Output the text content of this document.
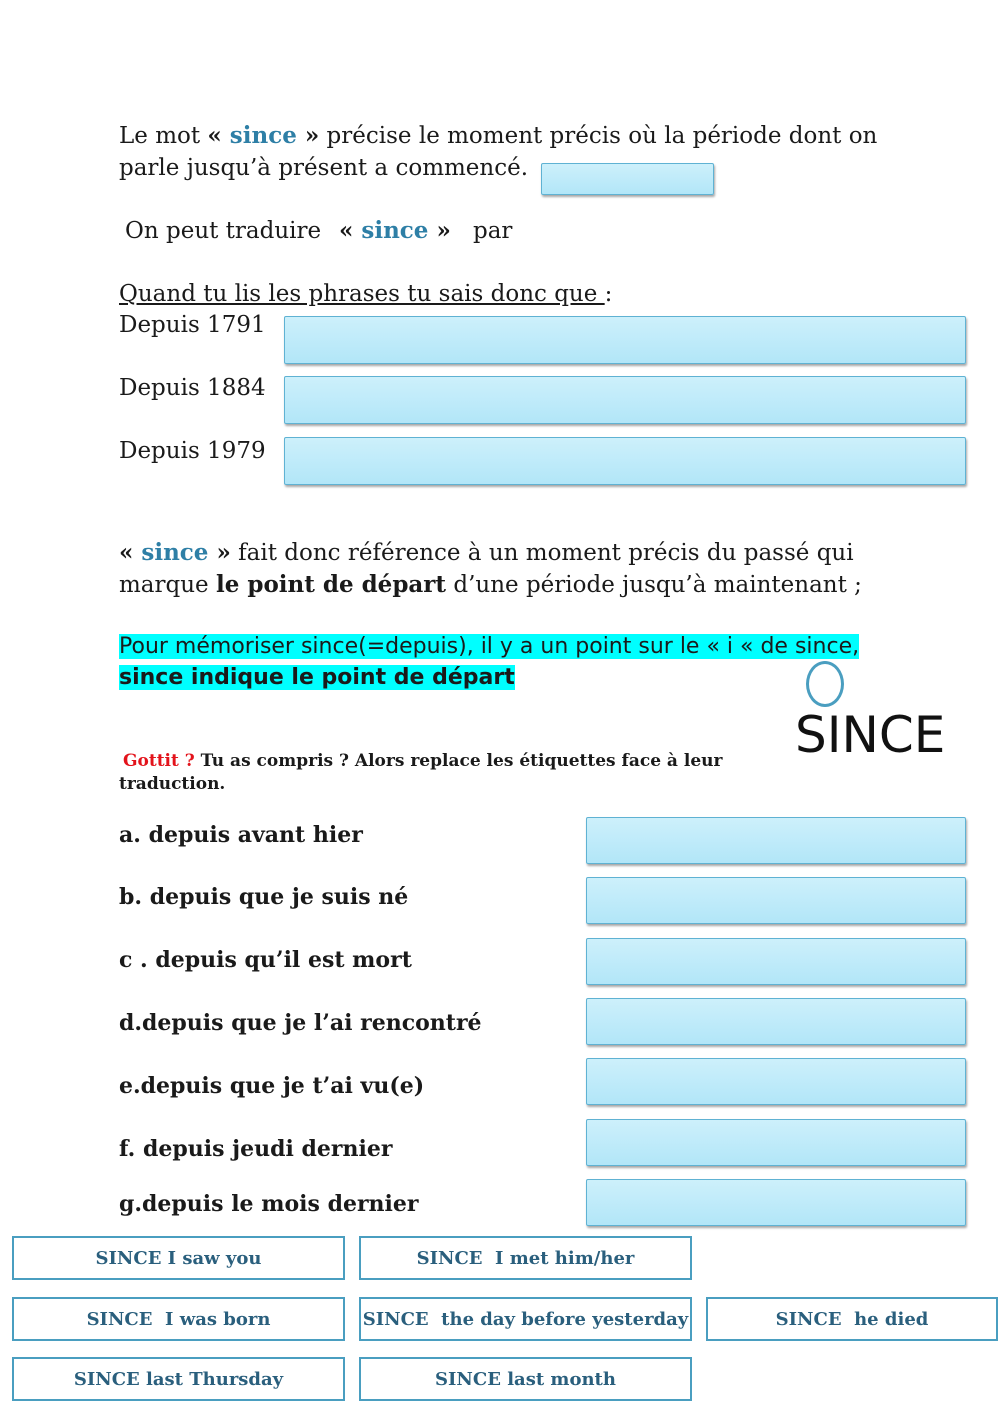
Le mot « since » précise le moment précis où la période dont on
parle jusqu’à présent a commencé.
On peut traduire « since » par
Quand tu lis les phrases tu sais donc que :
Depuis 1791
Depuis 1884
Depuis 1979
« since » fait donc référence à un moment précis du passé qui
marque le point de départ d’une période jusqu’à maintenant ;
Pour mémoriser since(=depuis), il y a un point sur le « i « de since,
since indique le point de départ
SINCE
Gottit ? Tu as compris ? Alors replace les étiquettes face à leur
traduction.
a. depuis avant hier
b. depuis que je suis né
c . depuis qu’il est mort
d.depuis que je l’ai rencontré
e.depuis que je t’ai vu(e)
f. depuis jeudi dernier
g.depuis le mois dernier
SINCE I saw you	SINCE  I met him/her
SINCE  I was born	SINCE  the day before yesterday	SINCE  he died
SINCE last Thursday	SINCE last month
